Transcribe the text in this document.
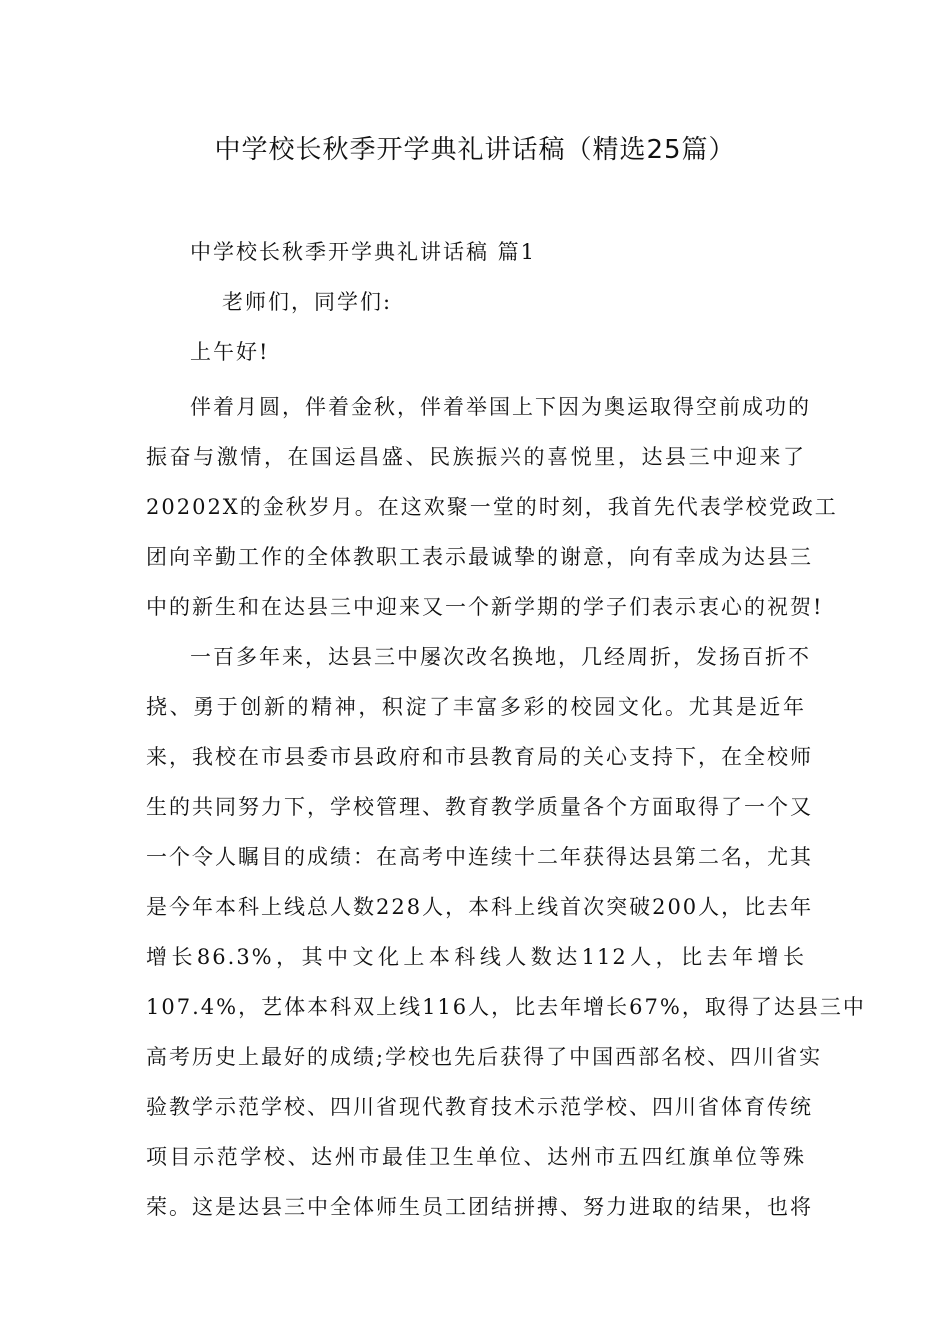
中学校长秋季开学典礼讲话稿（精选25篇）

中学校长秋季开学典礼讲话稿 篇1

老师们，同学们:

上午好!

伴着月圆，伴着金秋，伴着举国上下因为奥运取得空前成功的
振奋与激情，在国运昌盛、民族振兴的喜悦里，达县三中迎来了
20202X的金秋岁月。在这欢聚一堂的时刻，我首先代表学校党政工
团向辛勤工作的全体教职工表示最诚挚的谢意，向有幸成为达县三
中的新生和在达县三中迎来又一个新学期的学子们表示衷心的祝贺!
一百多年来，达县三中屡次改名换地，几经周折，发扬百折不
挠、勇于创新的精神，积淀了丰富多彩的校园文化。尤其是近年
来，我校在市县委市县政府和市县教育局的关心支持下，在全校师
生的共同努力下，学校管理、教育教学质量各个方面取得了一个又
一个令人瞩目的成绩：在高考中连续十二年获得达县第二名，尤其
是今年本科上线总人数228人，本科上线首次突破200人，比去年
增长86.3%，其中文化上本科线人数达112人，比去年增长
107.4%，艺体本科双上线116人，比去年增长67%，取得了达县三中
高考历史上最好的成绩;学校也先后获得了中国西部名校、四川省实
验教学示范学校、四川省现代教育技术示范学校、四川省体育传统
项目示范学校、达州市最佳卫生单位、达州市五四红旗单位等殊
荣。这是达县三中全体师生员工团结拼搏、努力进取的结果，也将
